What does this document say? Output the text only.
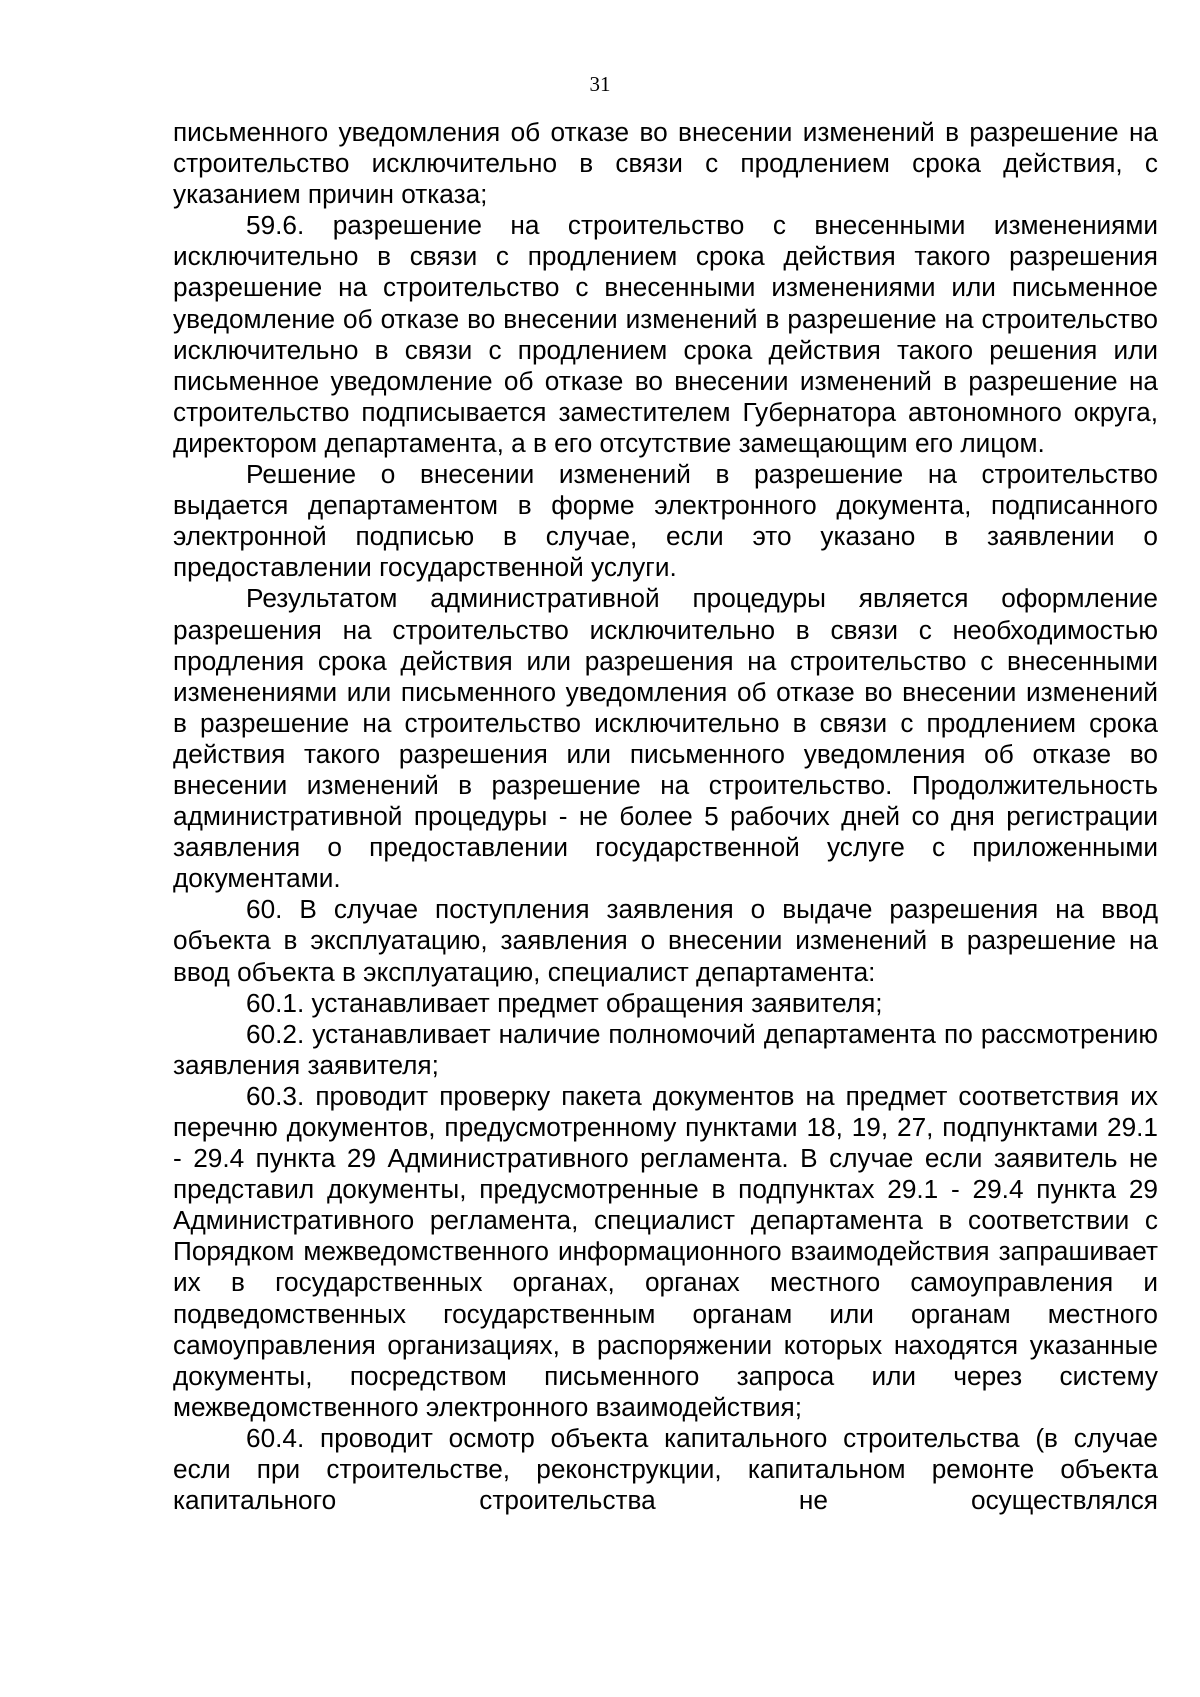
31

письменного уведомления об отказе во внесении изменений в разрешение на строительство исключительно в связи с продлением срока действия, с указанием причин отказа;

59.6. разрешение на строительство с внесенными изменениями исключительно в связи с продлением срока действия такого разрешения разрешение на строительство с внесенными изменениями или письменное уведомление об отказе во внесении изменений в разрешение на строительство исключительно в связи с продлением срока действия такого решения или письменное уведомление об отказе во внесении изменений в разрешение на строительство подписывается заместителем Губернатора автономного округа, директором департамента, а в его отсутствие замещающим его лицом.

Решение о внесении изменений в разрешение на строительство выдается департаментом в форме электронного документа, подписанного электронной подписью в случае, если это указано в заявлении о предоставлении государственной услуги.

Результатом административной процедуры является оформление разрешения на строительство исключительно в связи с необходимостью продления срока действия или разрешения на строительство с внесенными изменениями или письменного уведомления об отказе во внесении изменений в разрешение на строительство исключительно в связи с продлением срока действия такого разрешения или письменного уведомления об отказе во внесении изменений в разрешение на строительство. Продолжительность административной процедуры - не более 5 рабочих дней со дня регистрации заявления о предоставлении государственной услуге с приложенными документами.

60. В случае поступления заявления о выдаче разрешения на ввод объекта в эксплуатацию, заявления о внесении изменений в разрешение на ввод объекта в эксплуатацию, специалист департамента:

60.1. устанавливает предмет обращения заявителя;

60.2. устанавливает наличие полномочий департамента по рассмотрению заявления заявителя;

60.3. проводит проверку пакета документов на предмет соответствия их перечню документов, предусмотренному пунктами 18, 19, 27, подпунктами 29.1 - 29.4 пункта 29 Административного регламента. В случае если заявитель не представил документы, предусмотренные в подпунктах 29.1 - 29.4 пункта 29 Административного регламента, специалист департамента в соответствии с Порядком межведомственного информационного взаимодействия запрашивает их в государственных органах, органах местного самоуправления и подведомственных государственным органам или органам местного самоуправления организациях, в распоряжении которых находятся указанные документы, посредством письменного запроса или через систему межведомственного электронного взаимодействия;

60.4. проводит осмотр объекта капитального строительства (в случае если при строительстве, реконструкции, капитальном ремонте объекта капитального строительства не осуществлялся
